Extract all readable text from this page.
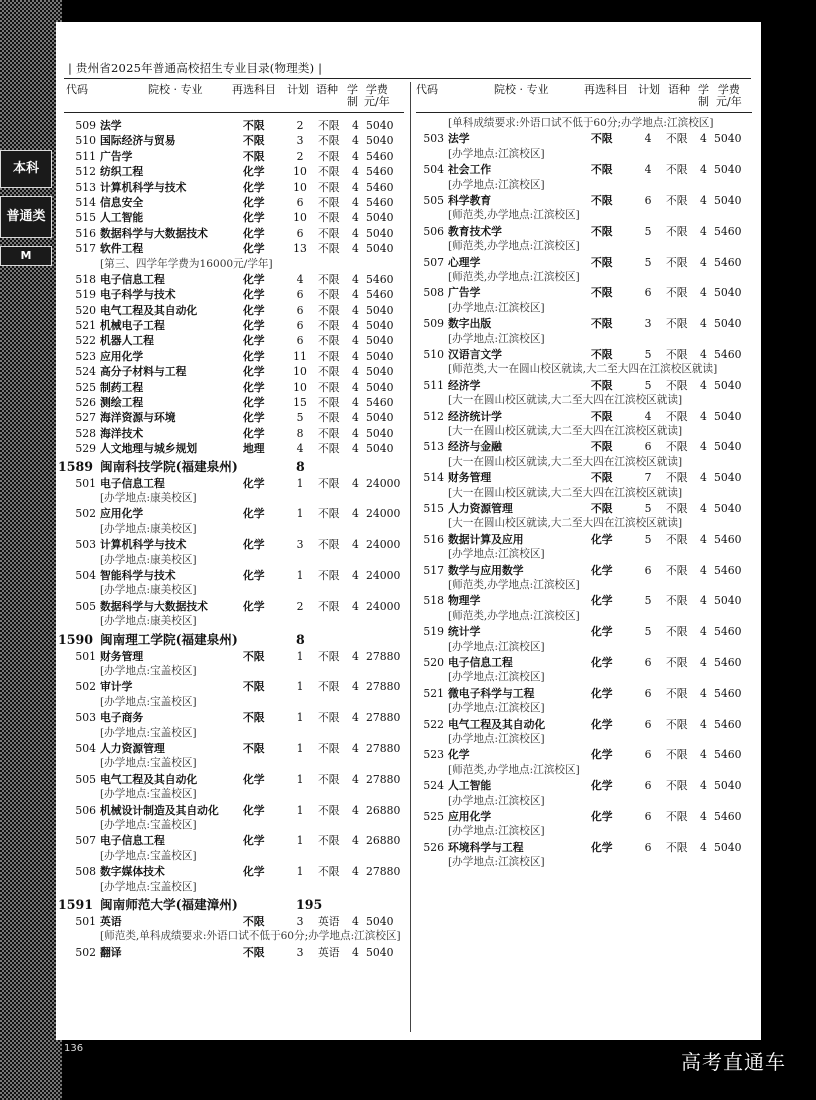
本科
普通类
M
| 贵州省2025年普通高校招生专业目录(物理类) |
代码	院校 · 专业	再选科目 计划 语种 学
制
学费
元/年
代码	院校 · 专业	再选科目 计划 语种 学
制
学费
元/年
509 法学	不限	2	不限 4 5040
510 国际经济与贸易	不限	3	不限 4 5040
511 广告学	不限	2	不限 4 5460
512 纺织工程	化学	10 不限 4 5460
513 计算机科学与技术	化学	10 不限 4 5460
514 信息安全	化学	6	不限 4 5460
515 人工智能	化学	10 不限 4 5040
516 数据科学与大数据技术	化学	6	不限 4 5040
517 软件工程	化学	13 不限 4 5040
[第三、四学年学费为16000元/学年]
518 电子信息工程	化学	4	不限 4 5460
519 电子科学与技术	化学	6	不限 4 5460
520 电气工程及其自动化	化学	6	不限 4 5040
521 机械电子工程	化学	6	不限 4 5040
522 机器人工程	化学	6	不限 4 5040
523 应用化学	化学	11 不限 4 5040
524 高分子材料与工程	化学	10 不限 4 5040
525 制药工程	化学	10 不限 4 5040
526 测绘工程	化学	15 不限 4 5460
527 海洋资源与环境	化学	5	不限 4 5040
528 海洋技术	化学	8	不限 4 5040
529 人文地理与城乡规划	地理	4	不限 4 5040
1589 闽南科技学院(福建泉州)	8
501 电子信息工程	化学	1	不限 4 24000
[办学地点:康美校区]
502 应用化学	化学	1	不限 4 24000
[办学地点:康美校区]
503 计算机科学与技术	化学	3	不限 4 24000
[办学地点:康美校区]
504 智能科学与技术	化学	1	不限 4 24000
[办学地点:康美校区]
505 数据科学与大数据技术	化学	2	不限 4 24000
[办学地点:康美校区]
1590 闽南理工学院(福建泉州)	8
501 财务管理	不限	1	不限 4 27880
[办学地点:宝盖校区]
502 审计学	不限	1	不限 4 27880
[办学地点:宝盖校区]
503 电子商务	不限	1	不限 4 27880
[办学地点:宝盖校区]
504 人力资源管理	不限	1	不限 4 27880
[办学地点:宝盖校区]
505 电气工程及其自动化	化学	1	不限 4 27880
[办学地点:宝盖校区]
506 机械设计制造及其自动化 化学	1	不限 4 26880
[办学地点:宝盖校区]
507 电子信息工程	化学	1	不限 4 26880
[办学地点:宝盖校区]
508 数字媒体技术	化学	1	不限 4 27880
[办学地点:宝盖校区]
1591 闽南师范大学(福建漳州)	195
501 英语	不限	3	英语 4 5040
[师范类,单科成绩要求:外语口试不低于60分;办学地点:江滨校区]
502 翻译	不限	3	英语 4 5040
[单科成绩要求:外语口试不低于60分;办学地点:江滨校区]
503 法学	不限	4	不限 4 5040
[办学地点:江滨校区]
504 社会工作	不限	4	不限 4 5040
[办学地点:江滨校区]
505 科学教育	不限	6	不限 4 5040
[师范类,办学地点:江滨校区]
506 教育技术学	不限	5	不限 4 5460
[师范类,办学地点:江滨校区]
507 心理学	不限	5	不限 4 5460
[师范类,办学地点:江滨校区]
508 广告学	不限	6	不限 4 5040
[办学地点:江滨校区]
509 数字出版	不限	3	不限 4 5040
[办学地点:江滨校区]
510 汉语言文学	不限	5	不限 4 5460
[师范类,大一在圆山校区就读,大二至大四在江滨校区就读]
511 经济学	不限	5	不限 4 5040
[大一在圆山校区就读,大二至大四在江滨校区就读]
512 经济统计学	不限	4	不限 4 5040
[大一在圆山校区就读,大二至大四在江滨校区就读]
513 经济与金融	不限	6	不限 4 5040
[大一在圆山校区就读,大二至大四在江滨校区就读]
514 财务管理	不限	7	不限 4 5040
[大一在圆山校区就读,大二至大四在江滨校区就读]
515 人力资源管理	不限	5	不限 4 5040
[大一在圆山校区就读,大二至大四在江滨校区就读]
516 数据计算及应用	化学	5	不限 4 5460
[办学地点:江滨校区]
517 数学与应用数学	化学	6	不限 4 5460
[师范类,办学地点:江滨校区]
518 物理学	化学	5	不限 4 5040
[师范类,办学地点:江滨校区]
519 统计学	化学	5	不限 4 5460
[办学地点:江滨校区]
520 电子信息工程	化学	6	不限 4 5460
[办学地点:江滨校区]
521 微电子科学与工程	化学	6	不限 4 5460
[办学地点:江滨校区]
522 电气工程及其自动化	化学	6	不限 4 5460
[办学地点:江滨校区]
523 化学	化学	6	不限 4 5460
[师范类,办学地点:江滨校区]
524 人工智能	化学	6	不限 4 5040
[办学地点:江滨校区]
525 应用化学	化学	6	不限 4 5460
[办学地点:江滨校区]
526 环境科学与工程	化学	6	不限 4 5040
[办学地点:江滨校区]
136
高考直通车
